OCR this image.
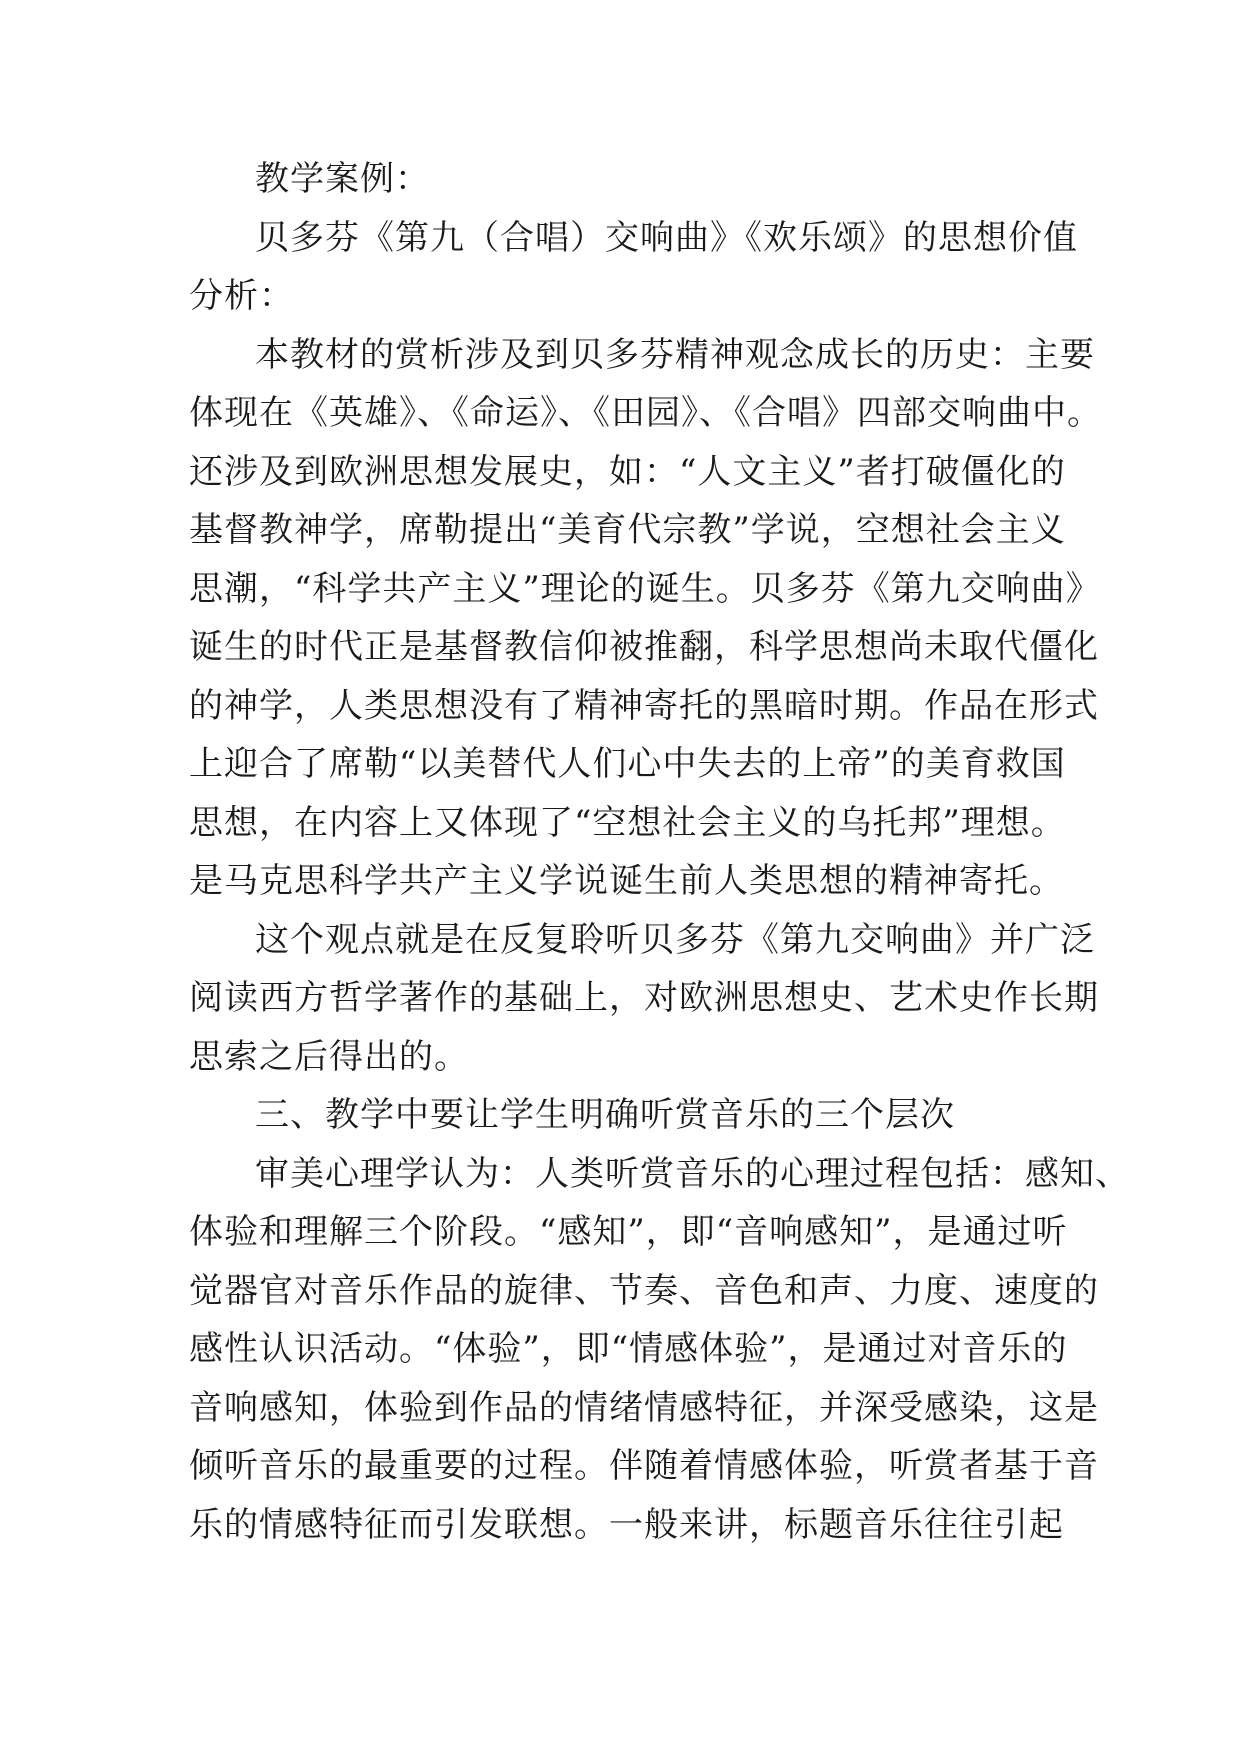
教学案例：
贝多芬《第九（合唱）交响曲》《欢乐颂》的思想价值
分析：
本教材的赏析涉及到贝多芬精神观念成长的历史：主要
体现在《英雄》、《命运》、《田园》、《合唱》四部交响曲中。
还涉及到欧洲思想发展史，如：“人文主义”者打破僵化的
基督教神学，席勒提出“美育代宗教”学说，空想社会主义
思潮，“科学共产主义”理论的诞生。贝多芬《第九交响曲》
诞生的时代正是基督教信仰被推翻，科学思想尚未取代僵化
的神学，人类思想没有了精神寄托的黑暗时期。作品在形式
上迎合了席勒“以美替代人们心中失去的上帝”的美育救国
思想，在内容上又体现了“空想社会主义的乌托邦”理想。
是马克思科学共产主义学说诞生前人类思想的精神寄托。
这个观点就是在反复聆听贝多芬《第九交响曲》并广泛
阅读西方哲学著作的基础上，对欧洲思想史、艺术史作长期
思索之后得出的。
三、教学中要让学生明确听赏音乐的三个层次
审美心理学认为：人类听赏音乐的心理过程包括：感知、
体验和理解三个阶段。“感知”，即“音响感知”，是通过听
觉器官对音乐作品的旋律、节奏、音色和声、力度、速度的
感性认识活动。“体验”，即“情感体验”，是通过对音乐的
音响感知，体验到作品的情绪情感特征，并深受感染，这是
倾听音乐的最重要的过程。伴随着情感体验，听赏者基于音
乐的情感特征而引发联想。一般来讲，标题音乐往往引起
